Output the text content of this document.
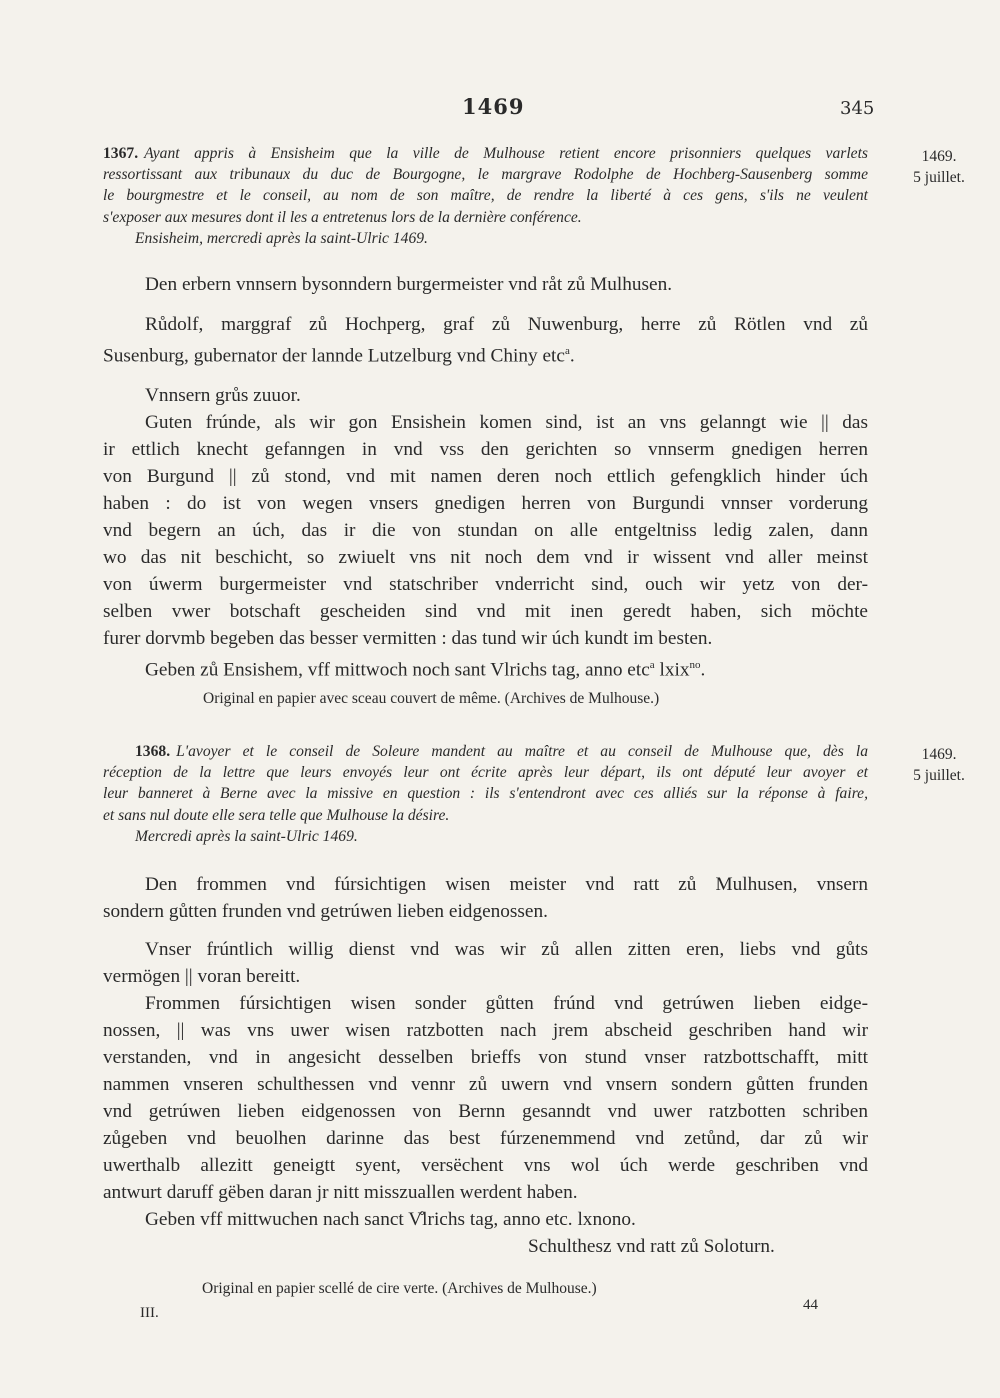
1469	345
1367. Ayant appris à Ensisheim que la ville de Mulhouse retient encore prisonniers quelques varlets
ressortissant aux tribunaux du duc de Bourgogne, le margrave Rodolphe de Hochberg-Sausenberg somme
le bourgmestre et le conseil, au nom de son maître, de rendre la liberté à ces gens, s'ils ne veulent
s'exposer aux mesures dont il les a entretenus lors de la dernière conférence.
Ensisheim, mercredi après la saint-Ulric 1469.
1469.
5 juillet.
Den erbern vnnsern bysonndern burgermeister vnd råt zů Mulhusen.
Růdolf, marggraf zů Hochperg, graf zů Nuwenburg, herre zů Rötlen vnd zů
Susenburg, gubernator der lannde Lutzelburg vnd Chiny etc$^a$.
Vnnsern grůs zuuor.
Guten frúnde, als wir gon Ensishein komen sind, ist an vns gelanngt wie || das
ir ettlich knecht gefanngen in vnd vss den gerichten so vnnserm gnedigen herren
von Burgund || zů stond, vnd mit namen deren noch ettlich gefengklich hinder úch
haben : do ist von wegen vnsers gnedigen herren von Burgundi vnnser vorderung
vnd begern an úch, das ir die von stundan on alle entgeltniss ledig zalen, dann
wo das nit beschicht, so zwiuelt vns nit noch dem vnd ir wissent vnd aller meinst
von úwerm burgermeister vnd statschriber vnderricht sind, ouch wir yetz von der-
selben vwer botschaft gescheiden sind vnd mit inen geredt haben, sich möchte
furer dorvmb begeben das besser vermitten : das tund wir úch kundt im besten.
Geben zů Ensishem, vff mittwoch noch sant Vlrichs tag, anno etc$^a$ lxix$^{no}$.
Original en papier avec sceau couvert de même. (Archives de Mulhouse.)
1368. L'avoyer et le conseil de Soleure mandent au maître et au conseil de Mulhouse que, dès la
réception de la lettre que leurs envoyés leur ont écrite après leur départ, ils ont député leur avoyer et
leur banneret à Berne avec la missive en question : ils s'entendront avec ces alliés sur la réponse à faire,
et sans nul doute elle sera telle que Mulhouse la désire.
Mercredi après la saint-Ulric 1469.
1469.
5 juillet.
Den frommen vnd fúrsichtigen wisen meister vnd ratt zů Mulhusen, vnsern
sondern gůtten frunden vnd getrúwen lieben eidgenossen.
Vnser frúntlich willig dienst vnd was wir zů allen zitten eren, liebs vnd gůts
vermögen || voran bereitt.
Frommen fúrsichtigen wisen sonder gůtten frúnd vnd getrúwen lieben eidge-
nossen, || was vns uwer wisen ratzbotten nach jrem abscheid geschriben hand wir
verstanden, vnd in angesicht desselben brieffs von stund vnser ratzbottschafft, mitt
nammen vnseren schulthessen vnd vennr zů uwern vnd vnsern sondern gůtten frunden
vnd getrúwen lieben eidgenossen von Bernn gesanndt vnd uwer ratzbotten schriben
zůgeben vnd beuolhen darinne das best fúrzenemmend vnd zetůnd, dar zů wir
uwerthalb allezitt geneigtt syent, versëchent vns wol úch werde geschriben vnd
antwurt daruff gëben daran jr nitt misszuallen werdent haben.
Geben vff mittwuchen nach sanct V̊lrichs tag, anno etc. lxnono.
Schulthesz vnd ratt zů Soloturn.
Original en papier scellé de cire verte. (Archives de Mulhouse.)
III.	44
